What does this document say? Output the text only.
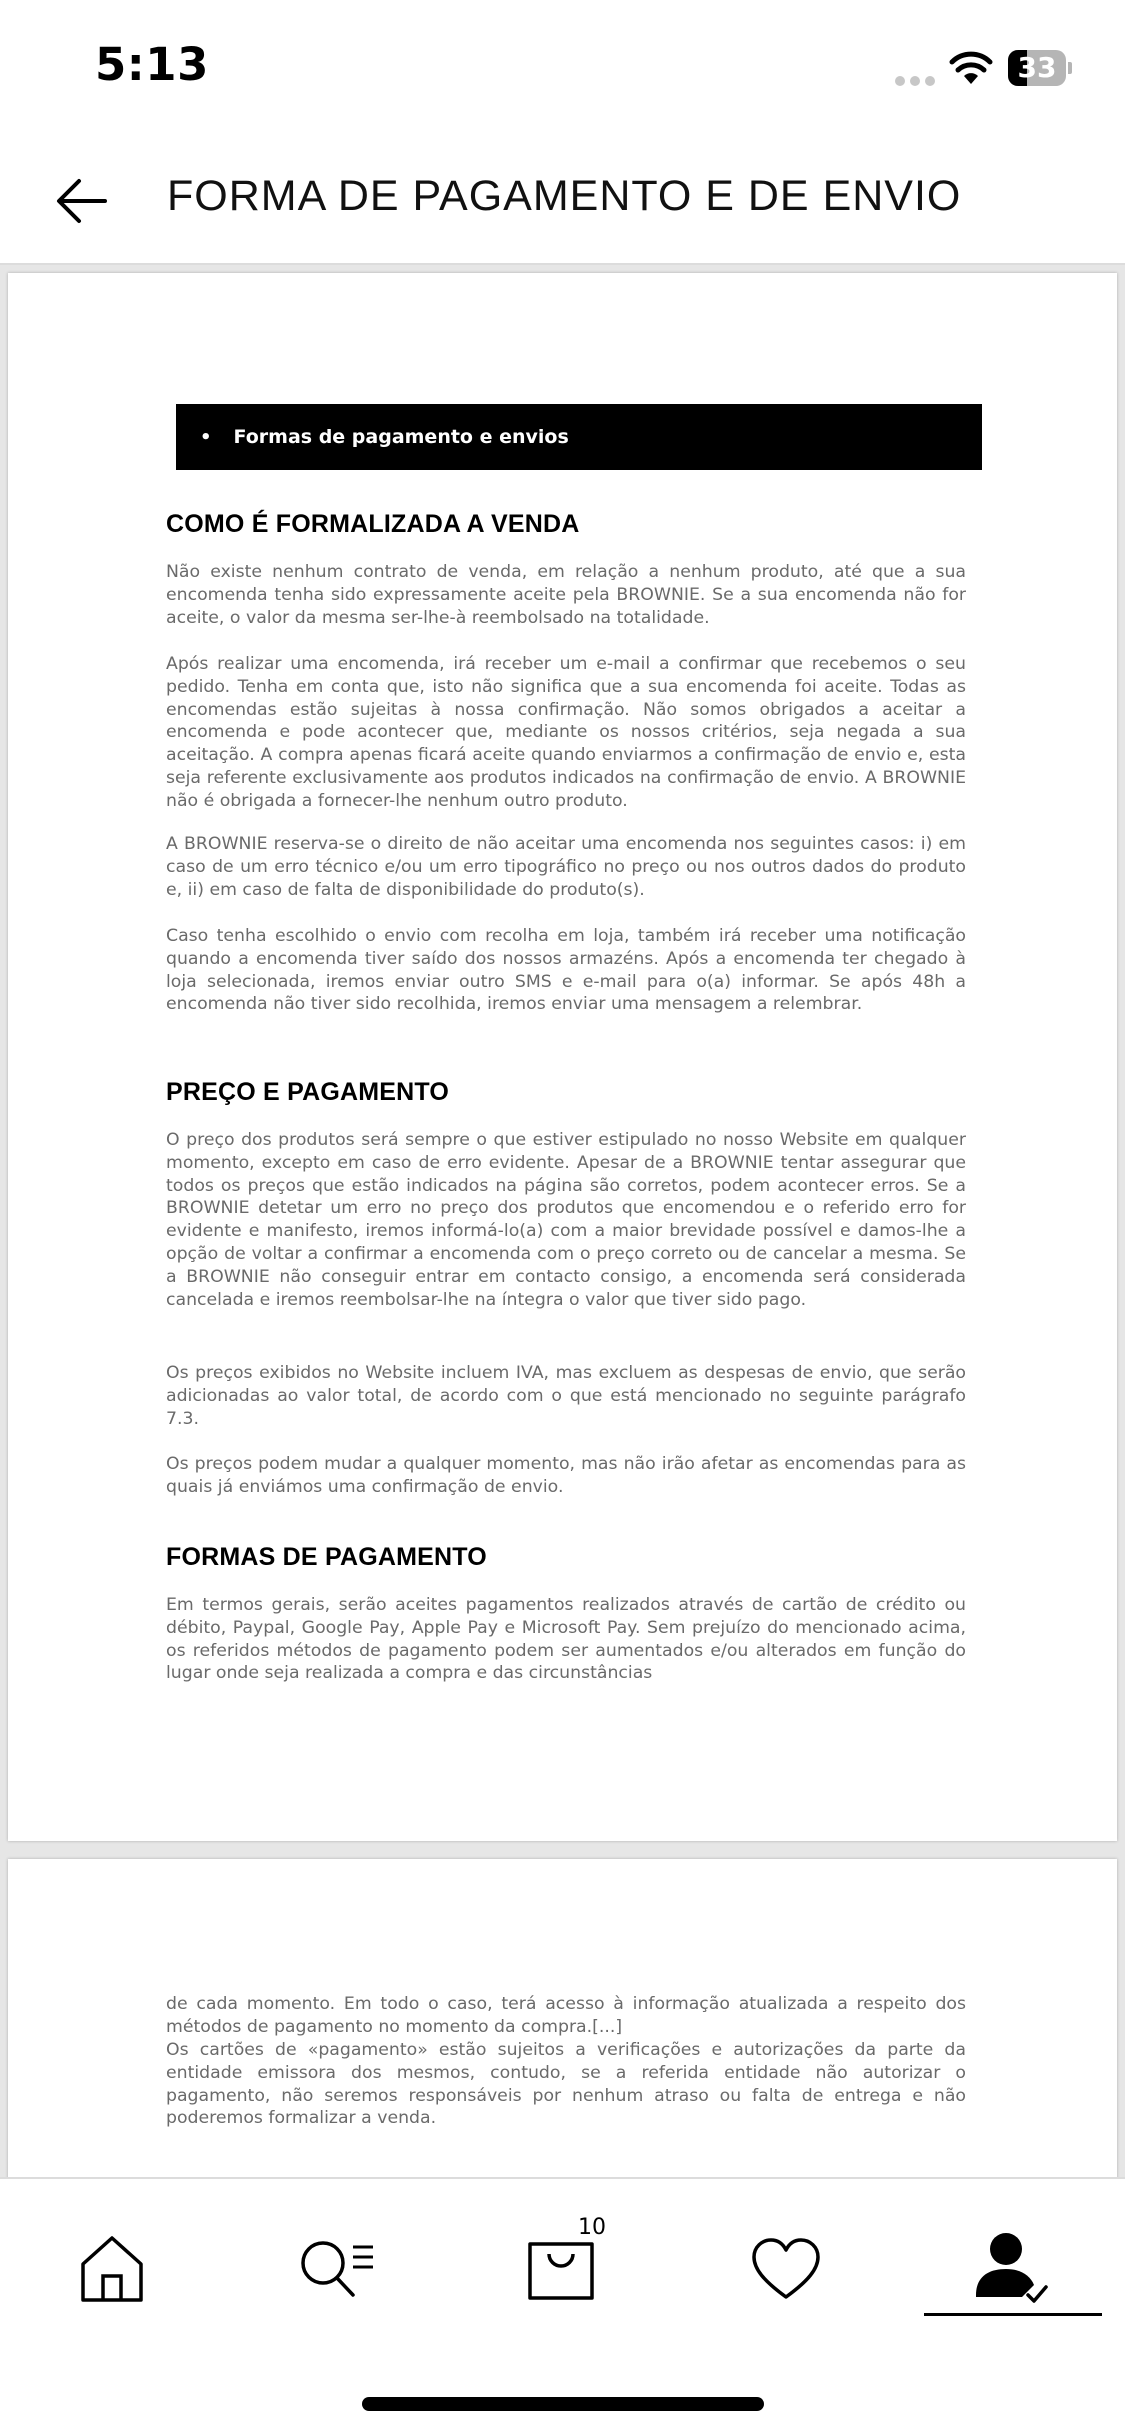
5:13	33
FORMA DE PAGAMENTO E DE ENVIO
• Formas de pagamento e envios
COMO É FORMALIZADA A VENDA
Não existe nenhum contrato de venda, em relação a nenhum produto, até que a sua encomenda tenha sido expressamente aceite pela BROWNIE. Se a sua encomenda não for aceite, o valor da mesma ser-lhe-à reembolsado na totalidade.
Após realizar uma encomenda, irá receber um e-mail a confirmar que recebemos o seu pedido. Tenha em conta que, isto não significa que a sua encomenda foi aceite. Todas as encomendas estão sujeitas à nossa confirmação. Não somos obrigados a aceitar a encomenda e pode acontecer que, mediante os nossos critérios, seja negada a sua aceitação. A compra apenas ficará aceite quando enviarmos a confirmação de envio e, esta seja referente exclusivamente aos produtos indicados na confirmação de envio. A BROWNIE não é obrigada a fornecer-lhe nenhum outro produto.
A BROWNIE reserva-se o direito de não aceitar uma encomenda nos seguintes casos: i) em caso de um erro técnico e/ou um erro tipográfico no preço ou nos outros dados do produto e, ii) em caso de falta de disponibilidade do produto(s).
Caso tenha escolhido o envio com recolha em loja, também irá receber uma notificação quando a encomenda tiver saído dos nossos armazéns. Após a encomenda ter chegado à loja selecionada, iremos enviar outro SMS e e-mail para o(a) informar. Se após 48h a encomenda não tiver sido recolhida, iremos enviar uma mensagem a relembrar.
PREÇO E PAGAMENTO
O preço dos produtos será sempre o que estiver estipulado no nosso Website em qualquer momento, excepto em caso de erro evidente. Apesar de a BROWNIE tentar assegurar que todos os preços que estão indicados na página são corretos, podem acontecer erros. Se a BROWNIE detetar um erro no preço dos produtos que encomendou e o referido erro for evidente e manifesto, iremos informá-lo(a) com a maior brevidade possível e damos-lhe a opção de voltar a confirmar a encomenda com o preço correto ou de cancelar a mesma. Se a BROWNIE não conseguir entrar em contacto consigo, a encomenda será considerada cancelada e iremos reembolsar-lhe na íntegra o valor que tiver sido pago.
Os preços exibidos no Website incluem IVA, mas excluem as despesas de envio, que serão adicionadas ao valor total, de acordo com o que está mencionado no seguinte parágrafo 7.3.
Os preços podem mudar a qualquer momento, mas não irão afetar as encomendas para as quais já enviámos uma confirmação de envio.
FORMAS DE PAGAMENTO
Em termos gerais, serão aceites pagamentos realizados através de cartão de crédito ou débito, Paypal, Google Pay, Apple Pay e Microsoft Pay. Sem prejuízo do mencionado acima, os referidos métodos de pagamento podem ser aumentados e/ou alterados em função do lugar onde seja realizada a compra e das circunstâncias
de cada momento. Em todo o caso, terá acesso à informação atualizada a respeito dos métodos de pagamento no momento da compra.[...]
Os cartões de «pagamento» estão sujeitos a verificações e autorizações da parte da entidade emissora dos mesmos, contudo, se a referida entidade não autorizar o pagamento, não seremos responsáveis por nenhum atraso ou falta de entrega e não poderemos formalizar a venda.
10
